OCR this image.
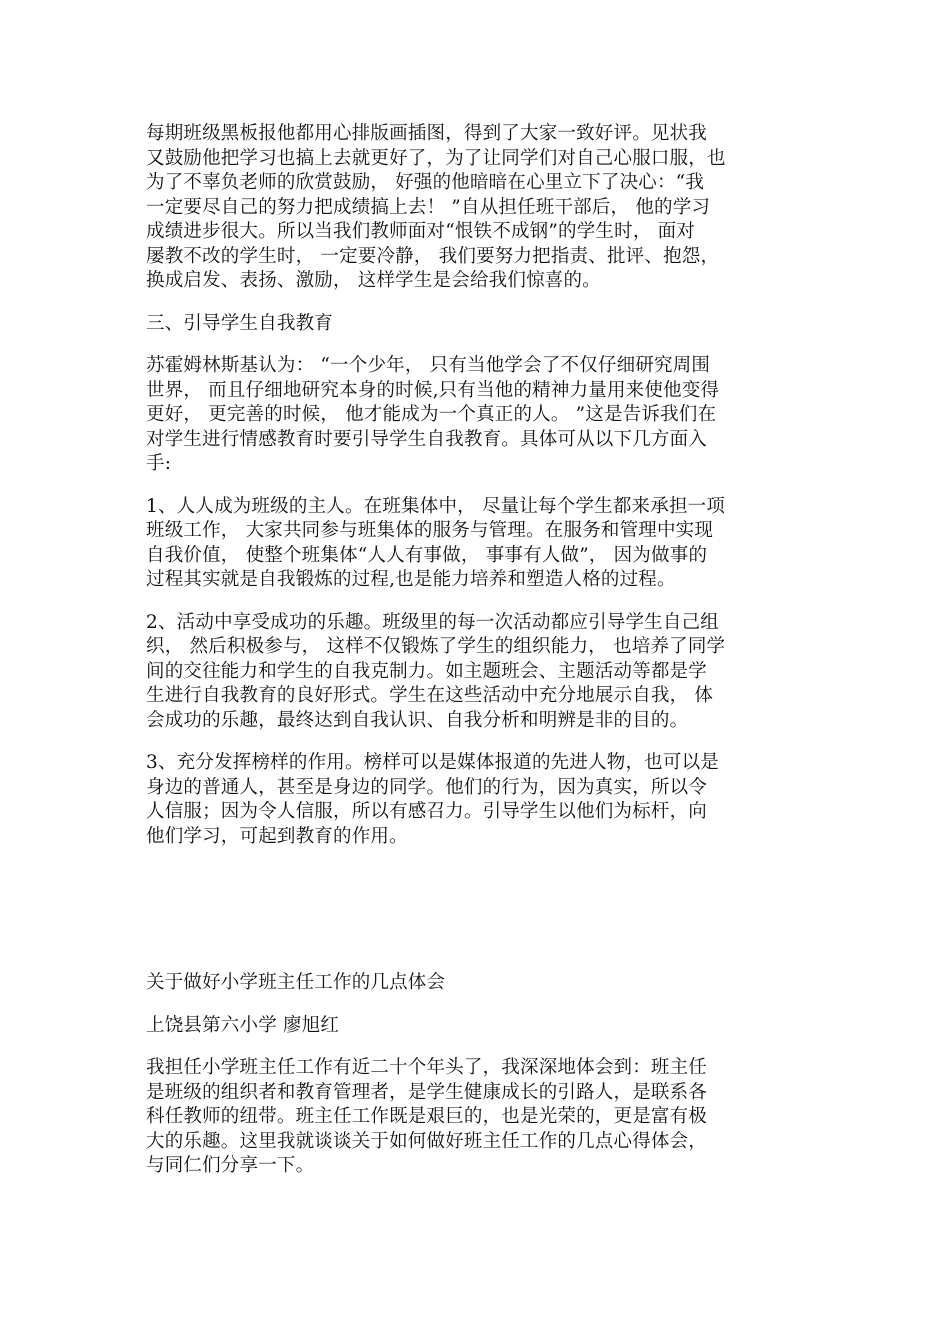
每期班级黑板报他都用心排版画插图，得到了大家一致好评。见状我
又鼓励他把学习也搞上去就更好了，为了让同学们对自己心服口服，也
为了不辜负老师的欣赏鼓励， 好强的他暗暗在心里立下了决心：“我
一定要尽自己的努力把成绩搞上去！ ”自从担任班干部后， 他的学习
成绩进步很大。所以当我们教师面对“恨铁不成钢”的学生时， 面对
屡教不改的学生时， 一定要冷静， 我们要努力把指责、批评、抱怨，
换成启发、表扬、激励， 这样学生是会给我们惊喜的。
三、引导学生自我教育
苏霍姆林斯基认为： “一个少年， 只有当他学会了不仅仔细研究周围
世界， 而且仔细地研究本身的时候,只有当他的精神力量用来使他变得
更好， 更完善的时候， 他才能成为一个真正的人。 ”这是告诉我们在
对学生进行情感教育时要引导学生自我教育。具体可从以下几方面入
手:
1、人人成为班级的主人。在班集体中， 尽量让每个学生都来承担一项
班级工作， 大家共同参与班集体的服务与管理。在服务和管理中实现
自我价值， 使整个班集体“人人有事做， 事事有人做”， 因为做事的
过程其实就是自我锻炼的过程,也是能力培养和塑造人格的过程。
2、活动中享受成功的乐趣。班级里的每一次活动都应引导学生自己组
织， 然后积极参与， 这样不仅锻炼了学生的组织能力， 也培养了同学
间的交往能力和学生的自我克制力。如主题班会、主题活动等都是学
生进行自我教育的良好形式。学生在这些活动中充分地展示自我， 体
会成功的乐趣，最终达到自我认识、自我分析和明辨是非的目的。
3、充分发挥榜样的作用。榜样可以是媒体报道的先进人物，也可以是
身边的普通人，甚至是身边的同学。他们的行为，因为真实，所以令
人信服；因为令人信服，所以有感召力。引导学生以他们为标杆，向
他们学习，可起到教育的作用。
关于做好小学班主任工作的几点体会
上饶县第六小学 廖旭红
我担任小学班主任工作有近二十个年头了，我深深地体会到：班主任
是班级的组织者和教育管理者，是学生健康成长的引路人，是联系各
科任教师的纽带。班主任工作既是艰巨的，也是光荣的，更是富有极
大的乐趣。这里我就谈谈关于如何做好班主任工作的几点心得体会，
与同仁们分享一下。
